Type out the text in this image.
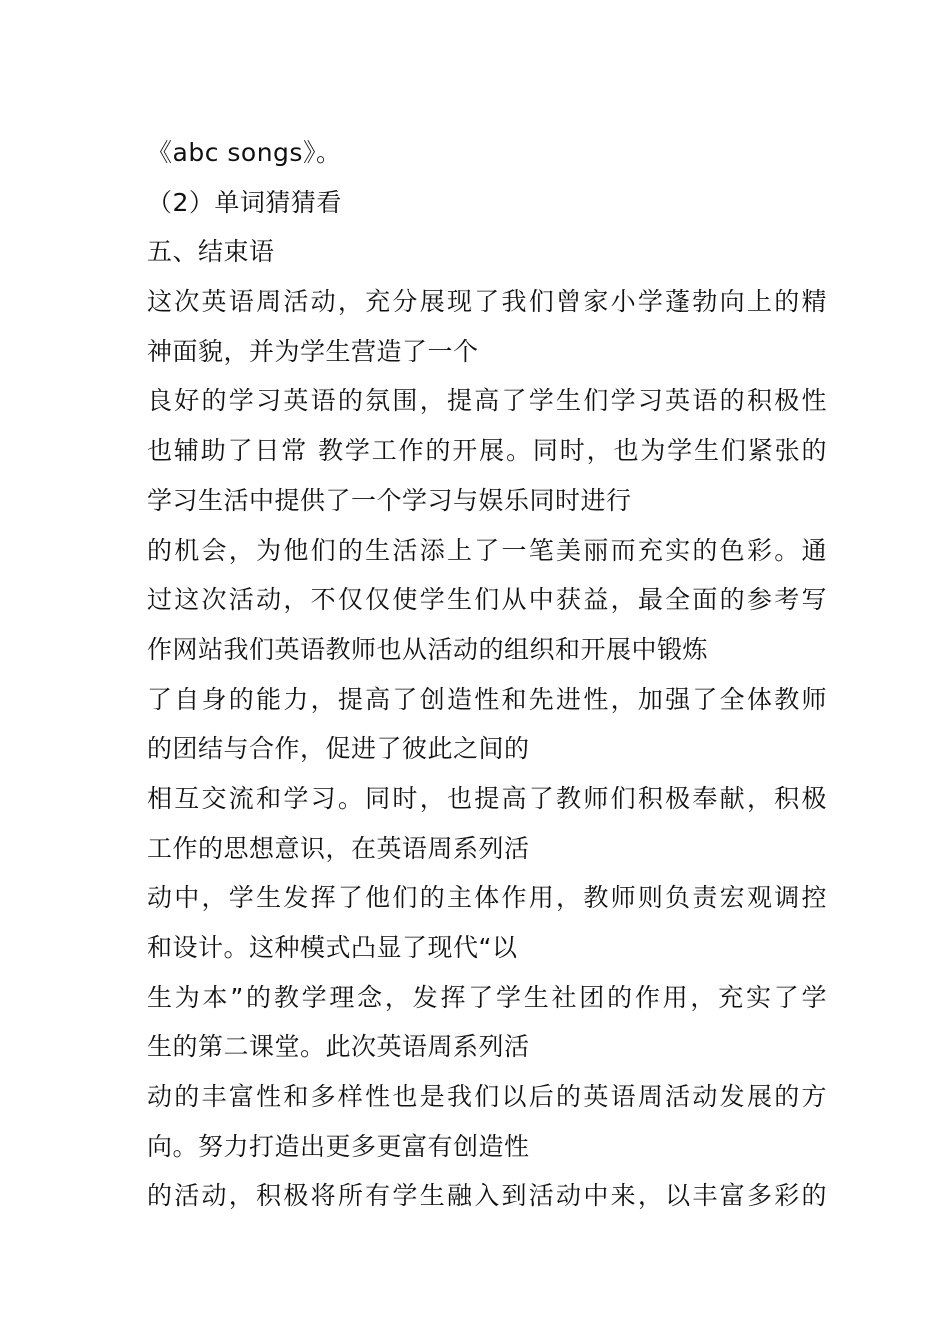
《abc songs》。
（2）单词猜猜看
五、结束语
这次英语周活动，充分展现了我们曾家小学蓬勃向上的精
神面貌，并为学生营造了一个
良好的学习英语的氛围，提高了学生们学习英语的积极性
也辅助了日常 教学工作的开展。同时，也为学生们紧张的
学习生活中提供了一个学习与娱乐同时进行
的机会，为他们的生活添上了一笔美丽而充实的色彩。通
过这次活动，不仅仅使学生们从中获益，最全面的参考写
作网站我们英语教师也从活动的组织和开展中锻炼
了自身的能力，提高了创造性和先进性，加强了全体教师
的团结与合作，促进了彼此之间的
相互交流和学习。同时，也提高了教师们积极奉献，积极
工作的思想意识，在英语周系列活
动中，学生发挥了他们的主体作用，教师则负责宏观调控
和设计。这种模式凸显了现代“以
生为本”的教学理念，发挥了学生社团的作用，充实了学
生的第二课堂。此次英语周系列活
动的丰富性和多样性也是我们以后的英语周活动发展的方
向。努力打造出更多更富有创造性
的活动，积极将所有学生融入到活动中来，以丰富多彩的
